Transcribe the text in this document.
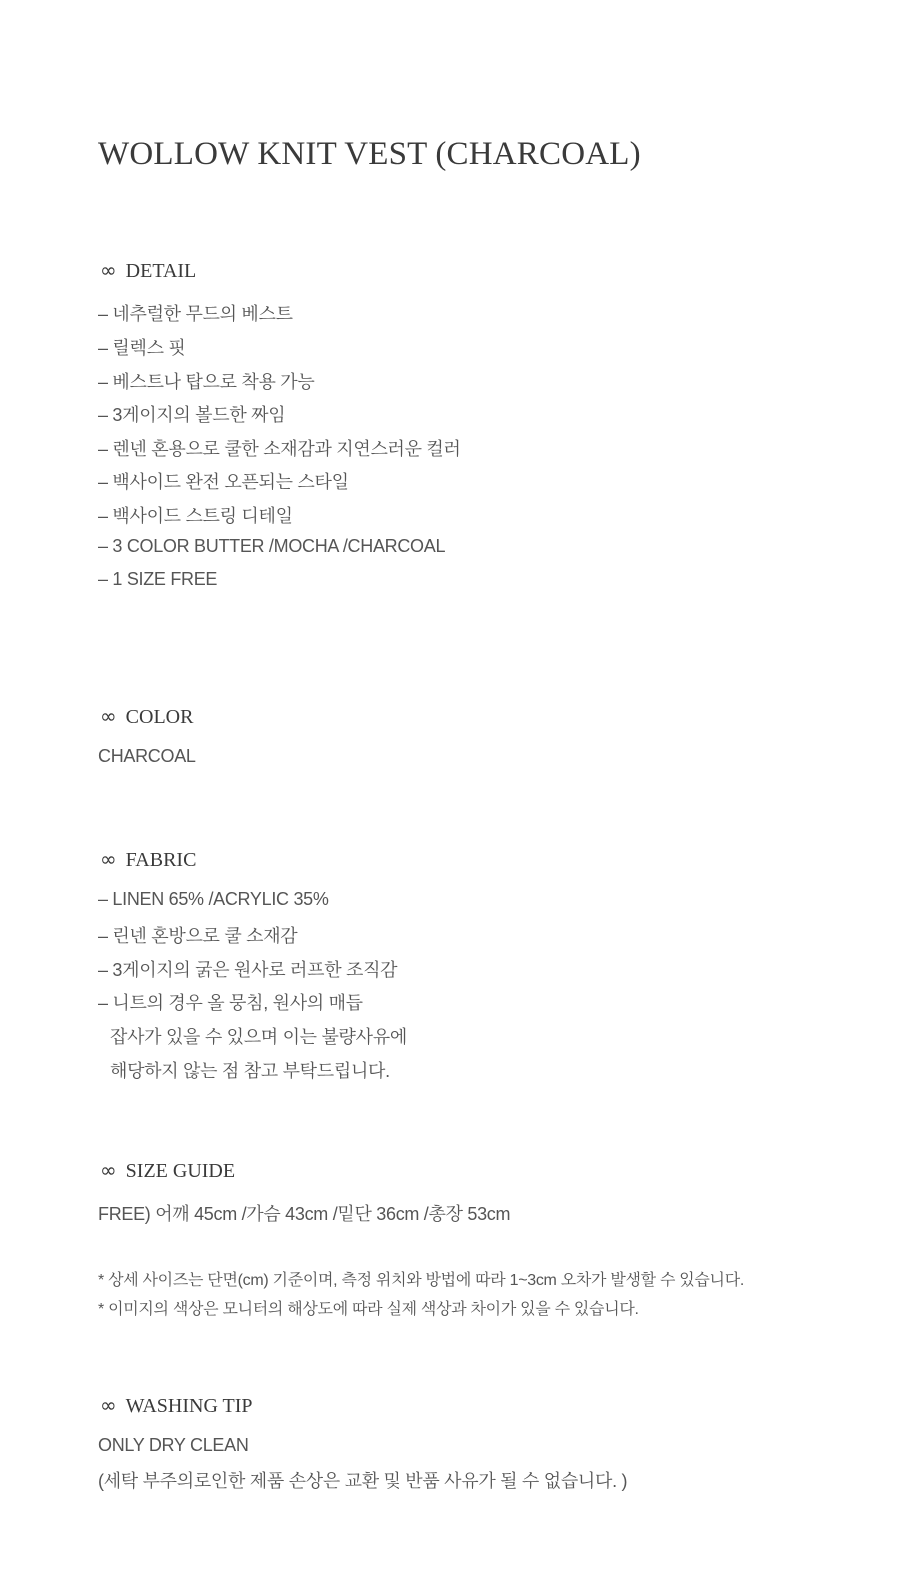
WOLLOW KNIT VEST (CHARCOAL)
∞ DETAIL
– 네추럴한 무드의 베스트
– 릴렉스 핏
– 베스트나 탑으로 착용 가능
– 3게이지의 볼드한 짜임
– 렌넨 혼용으로 쿨한 소재감과 지연스러운 컬러
– 백사이드 완전 오픈되는 스타일
– 백사이드 스트링 디테일
– 3 COLOR BUTTER /MOCHA /CHARCOAL
– 1 SIZE FREE
∞ COLOR
CHARCOAL
∞ FABRIC
– LINEN 65% /ACRYLIC 35%
– 린넨 혼방으로 쿨 소재감
– 3게이지의 굵은 원사로 러프한 조직감
– 니트의 경우 올 뭉침, 원사의 매듭
잡사가 있을 수 있으며 이는 불량사유에
해당하지 않는 점 참고 부탁드립니다.
∞ SIZE GUIDE
FREE) 어깨 45cm /가슴 43cm /밑단 36cm /총장 53cm
* 상세 사이즈는 단면(cm) 기준이며, 측정 위치와 방법에 따라 1~3cm 오차가 발생할 수 있습니다.
* 이미지의 색상은 모니터의 해상도에 따라 실제 색상과 차이가 있을 수 있습니다.
∞ WASHING TIP
ONLY DRY CLEAN
(세탁 부주의로인한 제품 손상은 교환 및 반품 사유가 될 수 없습니다. )
